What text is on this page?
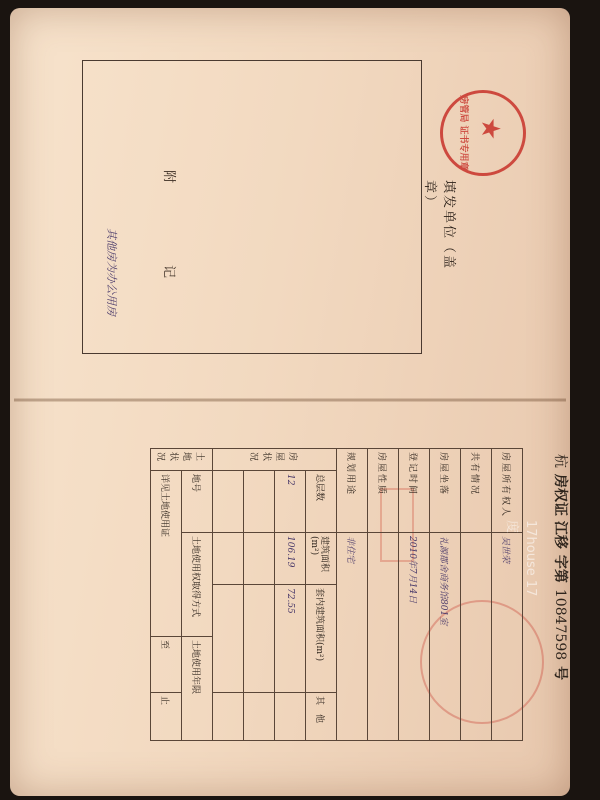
附　　　　记
其他房为办公用房
★
房管局 证书专用章
填发单位（盖章）
杭
房权证 江移
字第
10847598
号
房屋所有权人		吴世荣			
共有情况					
房屋坐落		礼源郡舍商务馆801室			
登记时间		2010年7月14日			
房屋性质					
规划用途		非住宅			
房屋状况	总层数	建筑面积(m²)	套内建筑面积(m²)		其　他
	12	106.19	72.55		

土地状况	地号	土地使用权取得方式		土地使用年限	
	详见土地使用证			至	止
17house 17度
